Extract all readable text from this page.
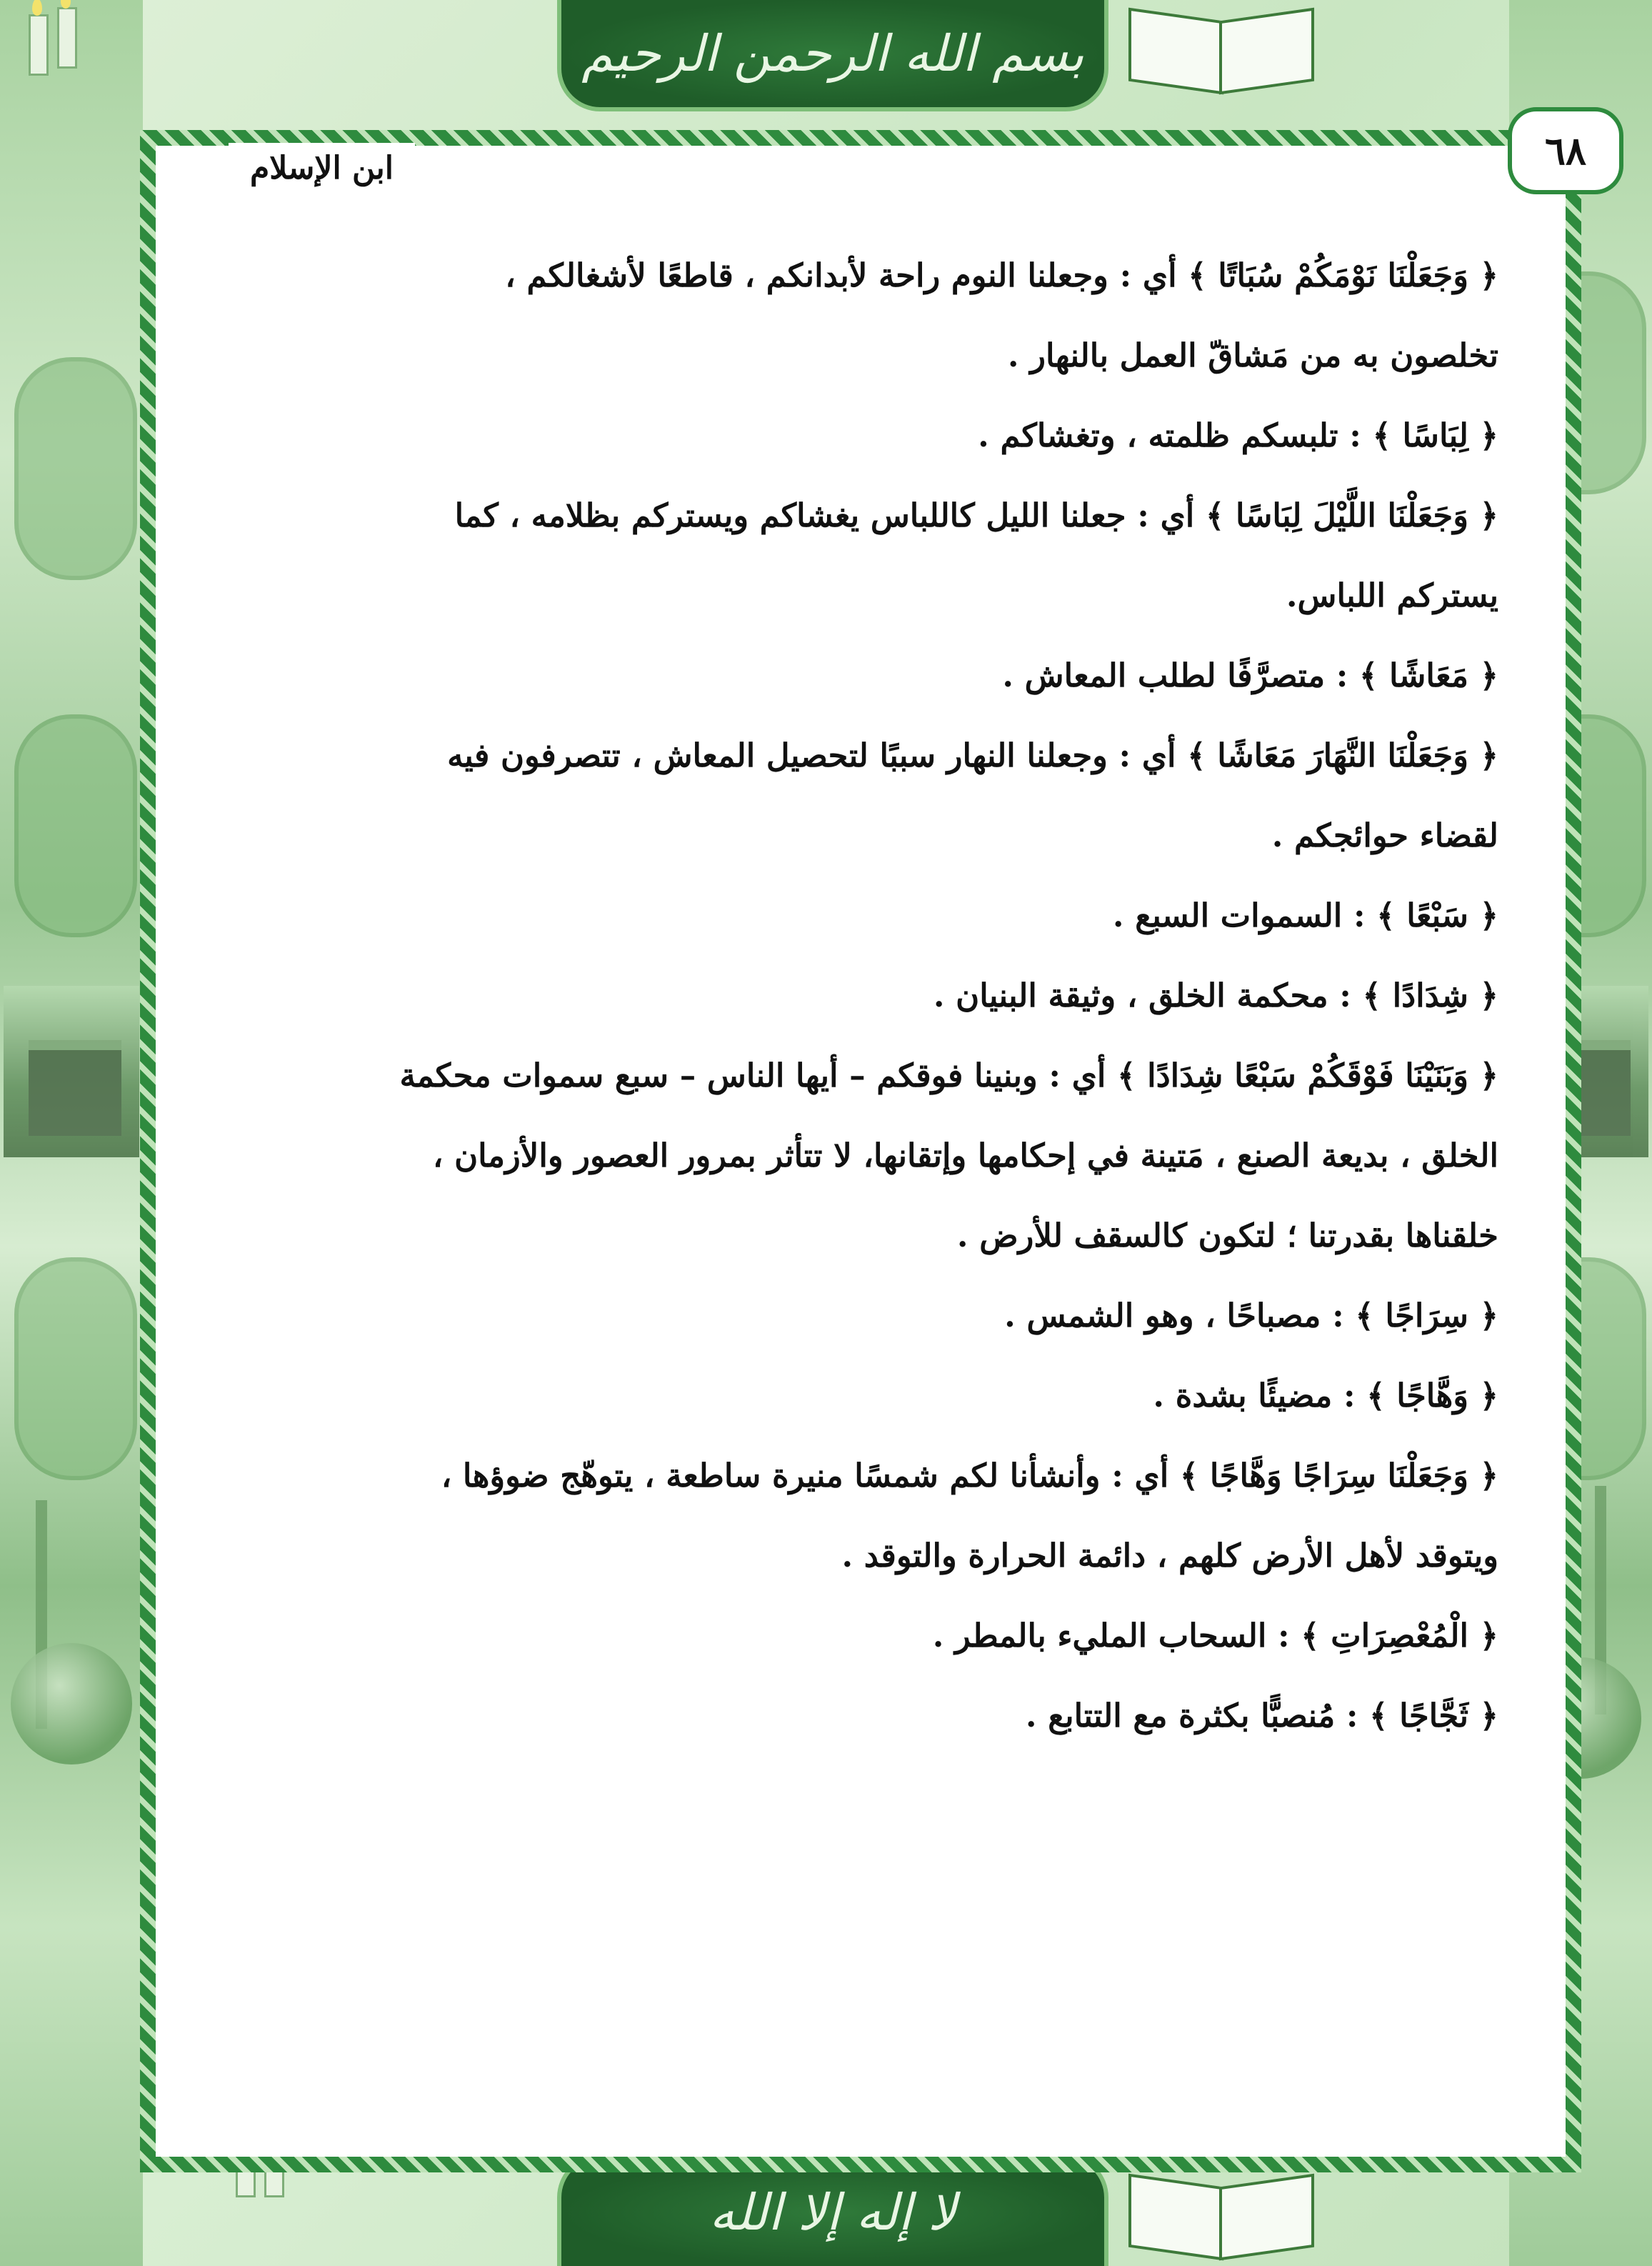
بسم الله الرحمن الرحيم
لا إله إلا الله
٦٨
ابن الإسلام

﴿ وَجَعَلْنَا نَوْمَكُمْ سُبَاتًا ﴾ أي : وجعلنا النوم راحة لأبدانكم ، قاطعًا لأشغالكم ،
تخلصون به من مَشاقّ العمل بالنهار .

﴿ لِبَاسًا ﴾ : تلبسكم ظلمته ، وتغشاكم .

﴿ وَجَعَلْنَا اللَّيْلَ لِبَاسًا ﴾ أي : جعلنا الليل كاللباس يغشاكم ويستركم بظلامه ، كما
يستركم اللباس.

﴿ مَعَاشًا ﴾ : متصرَّفًا لطلب المعاش .

﴿ وَجَعَلْنَا النَّهَارَ مَعَاشًا ﴾ أي : وجعلنا النهار سببًا لتحصيل المعاش ، تتصرفون فيه
لقضاء حوائجكم .

﴿ سَبْعًا ﴾ : السموات السبع .

﴿ شِدَادًا ﴾ : محكمة الخلق ، وثيقة البنيان .

﴿ وَبَنَيْنَا فَوْقَكُمْ سَبْعًا شِدَادًا ﴾ أي : وبنينا فوقكم – أيها الناس – سبع سموات محكمة
الخلق ، بديعة الصنع ، مَتينة في إحكامها وإتقانها، لا تتأثر بمرور العصور والأزمان ،
خلقناها بقدرتنا ؛ لتكون كالسقف للأرض .

﴿ سِرَاجًا ﴾ : مصباحًا ، وهو الشمس .

﴿ وَهَّاجًا ﴾ : مضيئًا بشدة .

﴿ وَجَعَلْنَا سِرَاجًا وَهَّاجًا ﴾ أي : وأنشأنا لكم شمسًا منيرة ساطعة ، يتوهّج ضوؤها ،
ويتوقد لأهل الأرض كلهم ، دائمة الحرارة والتوقد .

﴿ الْمُعْصِرَاتِ ﴾ : السحاب المليء بالمطر .

﴿ ثَجَّاجًا ﴾ : مُنصبًّا بكثرة مع التتابع .
